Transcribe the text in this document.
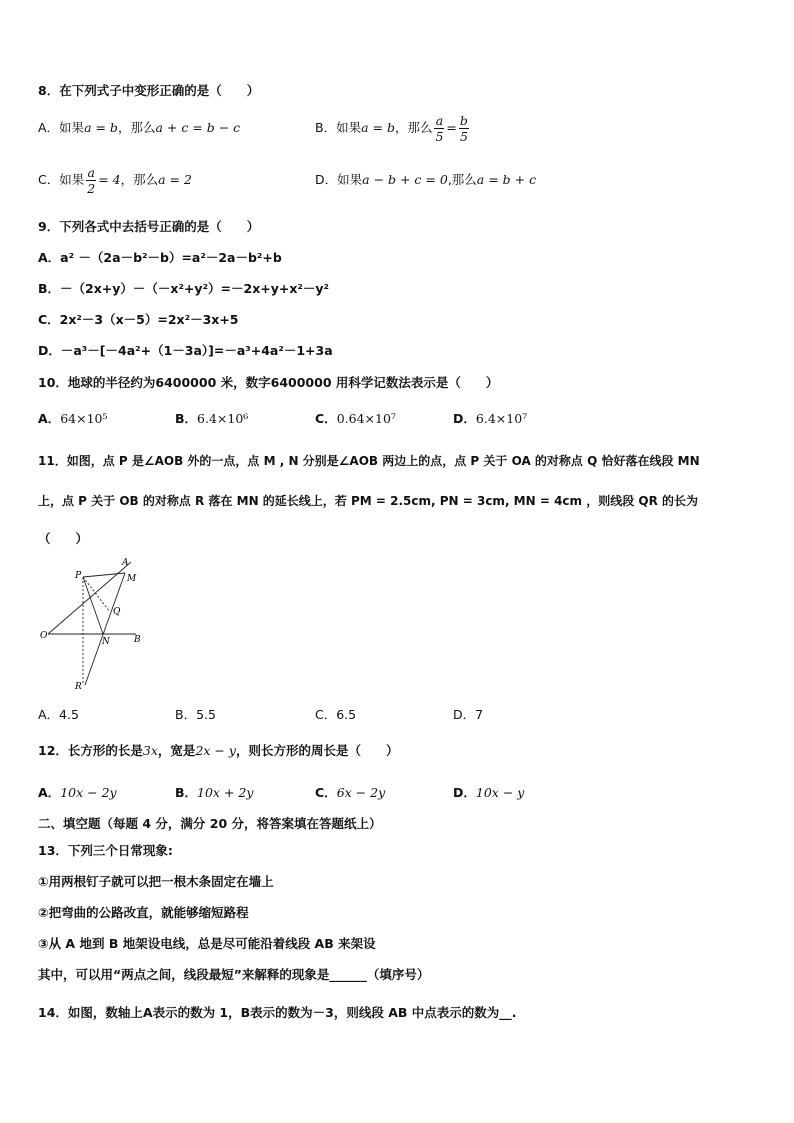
8．在下列式子中变形正确的是（　　）
A．如果a = b，那么a + c = b − c	B．如果a = b，那么 $\frac{a}{5} = \frac{b}{5}$
C．如果 $\frac{a}{2} = 4$，那么a = 2	D．如果a − b + c = 0,那么a = b + c
9．下列各式中去括号正确的是（　　）
A．a² －（2a－b²－b）=a²－2a－b²+b
B．－（2x+y）－（－x²+y²）=－2x+y+x²－y²
C．2x²－3（x－5）=2x²－3x+5
D．－a³－[－4a²+（1－3a）]=－a³+4a²－1+3a
10．地球的半径约为6400000 米，数字6400000 用科学记数法表示是（　　）
A．64×10⁵	B．6.4×10⁶	C．0.64×10⁷	D．6.4×10⁷
11．如图，点 P 是∠AOB 外的一点，点 M , N 分别是∠AOB 两边上的点，点 P 关于 OA 的对称点 Q 恰好落在线段 MN
上，点 P 关于 OB 的对称点 R 落在 MN 的延长线上，若 PM = 2.5cm, PN = 3cm, MN = 4cm ，则线段 QR 的长为
（　　）
P
A
M
Q
O
N	B
R
A．4.5	B．5.5	C．6.5	D．7
12．长方形的长是3x，宽是2x − y，则长方形的周长是（　　）
A．10x − 2y	B．10x + 2y	C．6x − 2y	D．10x − y
二、填空题（每题 4 分，满分 20 分，将答案填在答题纸上）
13．下列三个日常现象:
①用两根钉子就可以把一根木条固定在墙上
②把弯曲的公路改直，就能够缩短路程
③从 A 地到 B 地架设电线，总是尽可能沿着线段 AB 来架设
其中，可以用“两点之间，线段最短”来解释的现象是______（填序号）
14．如图，数轴上A表示的数为 1，B表示的数为－3，则线段 AB 中点表示的数为__.
